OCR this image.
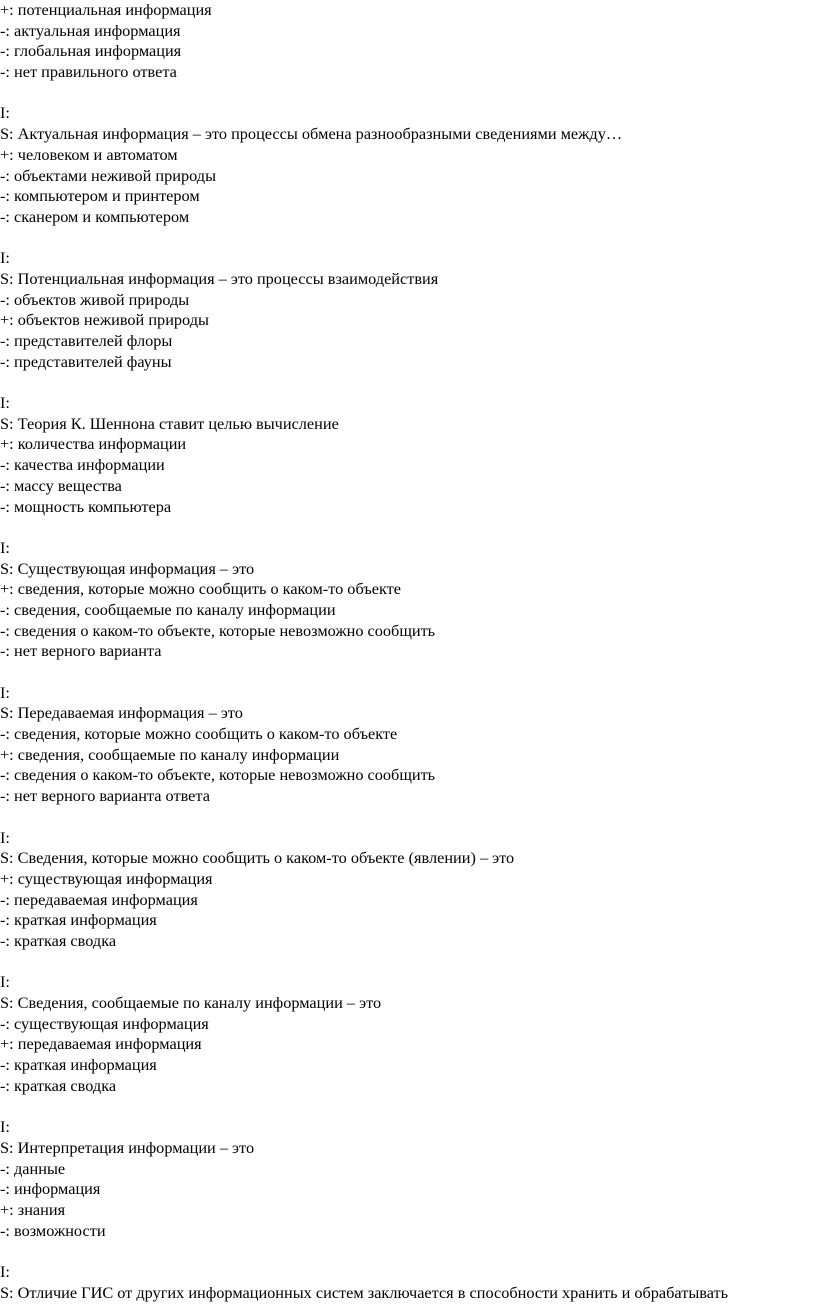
+: потенциальная информация
-: актуальная информация
-: глобальная информация
-: нет правильного ответа
I:
S: Актуальная информация – это процессы обмена разнообразными сведениями между…
+: человеком и автоматом
-: объектами неживой природы
-: компьютером и принтером
-: сканером и компьютером
I:
S: Потенциальная информация – это процессы взаимодействия
-: объектов живой природы
+: объектов неживой природы
-: представителей флоры
-: представителей фауны
I:
S: Теория К. Шеннона ставит целью вычисление
+: количества информации
-: качества информации
-: массу вещества
-: мощность компьютера
I:
S: Существующая информация – это
+: сведения, которые можно сообщить о каком-то объекте
-: сведения, сообщаемые по каналу информации
-: сведения о каком-то объекте, которые невозможно сообщить
-: нет верного варианта
I:
S: Передаваемая информация – это
-: сведения, которые можно сообщить о каком-то объекте
+: сведения, сообщаемые по каналу информации
-: сведения о каком-то объекте, которые невозможно сообщить
-: нет верного варианта ответа
I:
S: Сведения, которые можно сообщить о каком-то объекте (явлении) – это
+: существующая информация
-: передаваемая информация
-: краткая информация
-: краткая сводка
I:
S: Сведения, сообщаемые по каналу информации – это
-: существующая информация
+: передаваемая информация
-: краткая информация
-: краткая сводка
I:
S: Интерпретация информации – это
-: данные
-: информация
+: знания
-: возможности
I:
S: Отличие ГИС от других информационных систем заключается в способности хранить и обрабатывать
